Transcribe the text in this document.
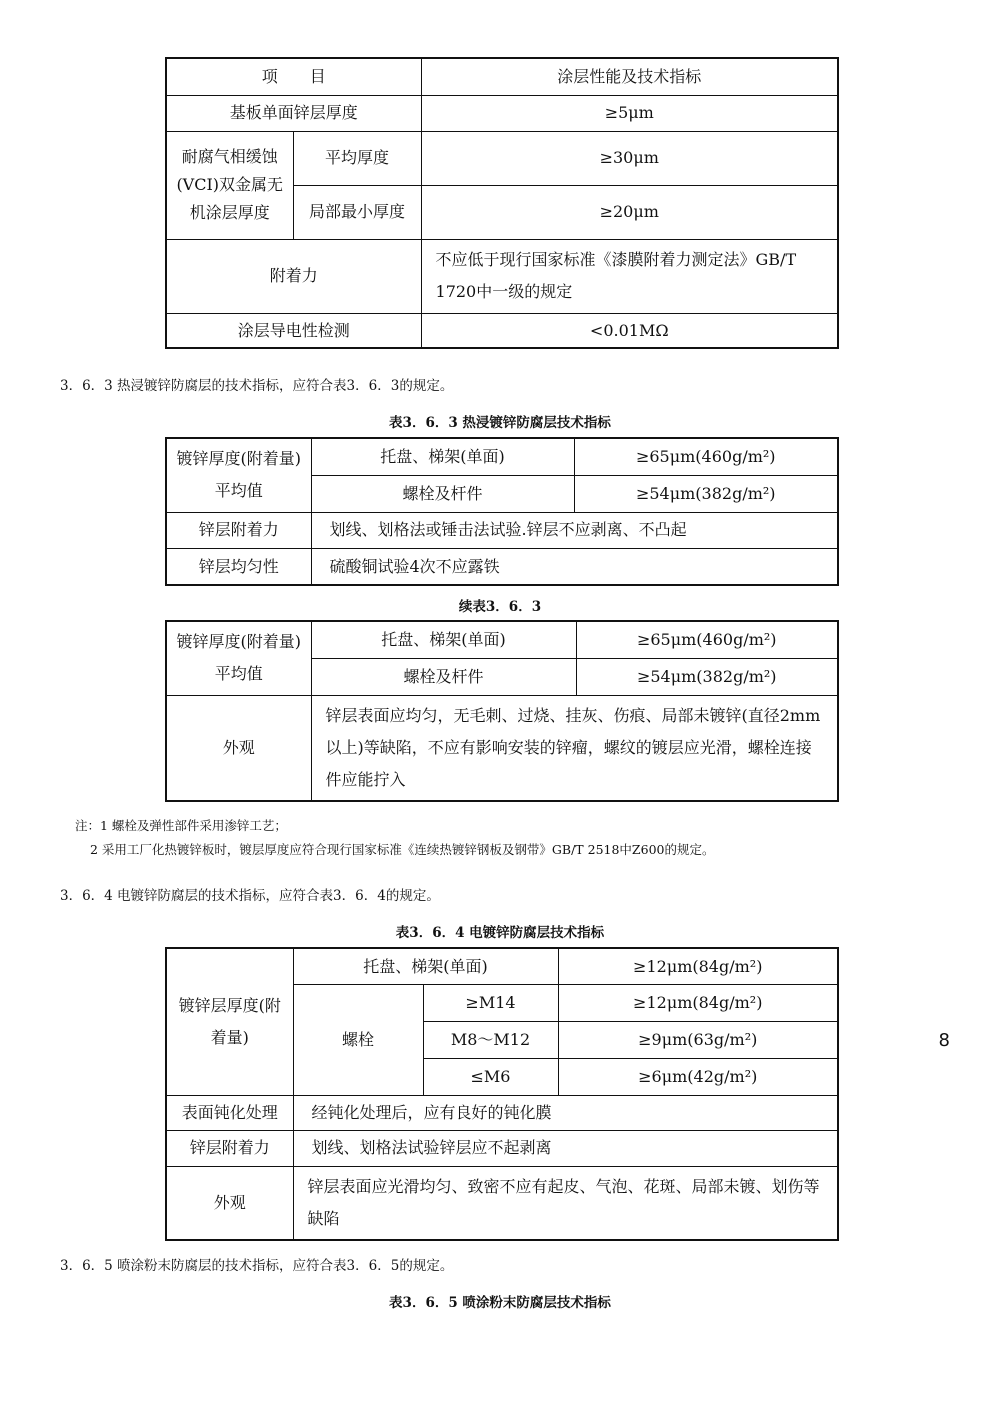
项　　目		涂层性能及技术指标
基板单面锌层厚度		≥5μm
耐腐气相缓蚀(VCI)双金属无机涂层厚度	平均厚度	≥30μm
	局部最小厚度	≥20μm
附着力		不应低于现行国家标准《漆膜附着力测定法》GB/T 1720中一级的规定
涂层导电性检测		<0.01MΩ
3．6．3 热浸镀锌防腐层的技术指标，应符合表3．6．3的规定。
表3．6．3 热浸镀锌防腐层技术指标
镀锌厚度(附着量)平均值	托盘、梯架(单面)	≥65μm(460g/m²)
	螺栓及杆件	≥54μm(382g/m²)
锌层附着力	划线、划格法或锤击法试验.锌层不应剥离、不凸起	
锌层均匀性	硫酸铜试验4次不应露铁	
续表3．6．3
镀锌厚度(附着量)平均值	托盘、梯架(单面)	≥65μm(460g/m²)
	螺栓及杆件	≥54μm(382g/m²)
外观	锌层表面应均匀，无毛刺、过烧、挂灰、伤痕、局部未镀锌(直径2mm以上)等缺陷，不应有影响安装的锌瘤，螺纹的镀层应光滑，螺栓连接件应能拧入	
注：1 螺栓及弹性部件采用渗锌工艺；
2 采用工厂化热镀锌板时，镀层厚度应符合现行国家标准《连续热镀锌钢板及钢带》GB/T 2518中Z600的规定。
3．6．4 电镀锌防腐层的技术指标，应符合表3．6．4的规定。
表3．6．4 电镀锌防腐层技术指标
镀锌层厚度(附着量)	托盘、梯架(单面)		≥12μm(84g/m²)
	螺栓	≥M14	≥12μm(84g/m²)
		M8～M12	≥9μm(63g/m²)
		≤M6	≥6μm(42g/m²)
表面钝化处理	经钝化处理后，应有良好的钝化膜		
锌层附着力	划线、划格法试验锌层应不起剥离		
外观	锌层表面应光滑均匀、致密不应有起皮、气泡、花斑、局部未镀、划伤等缺陷		
3．6．5 喷涂粉末防腐层的技术指标，应符合表3．6．5的规定。
表3．6．5 喷涂粉末防腐层技术指标
8
